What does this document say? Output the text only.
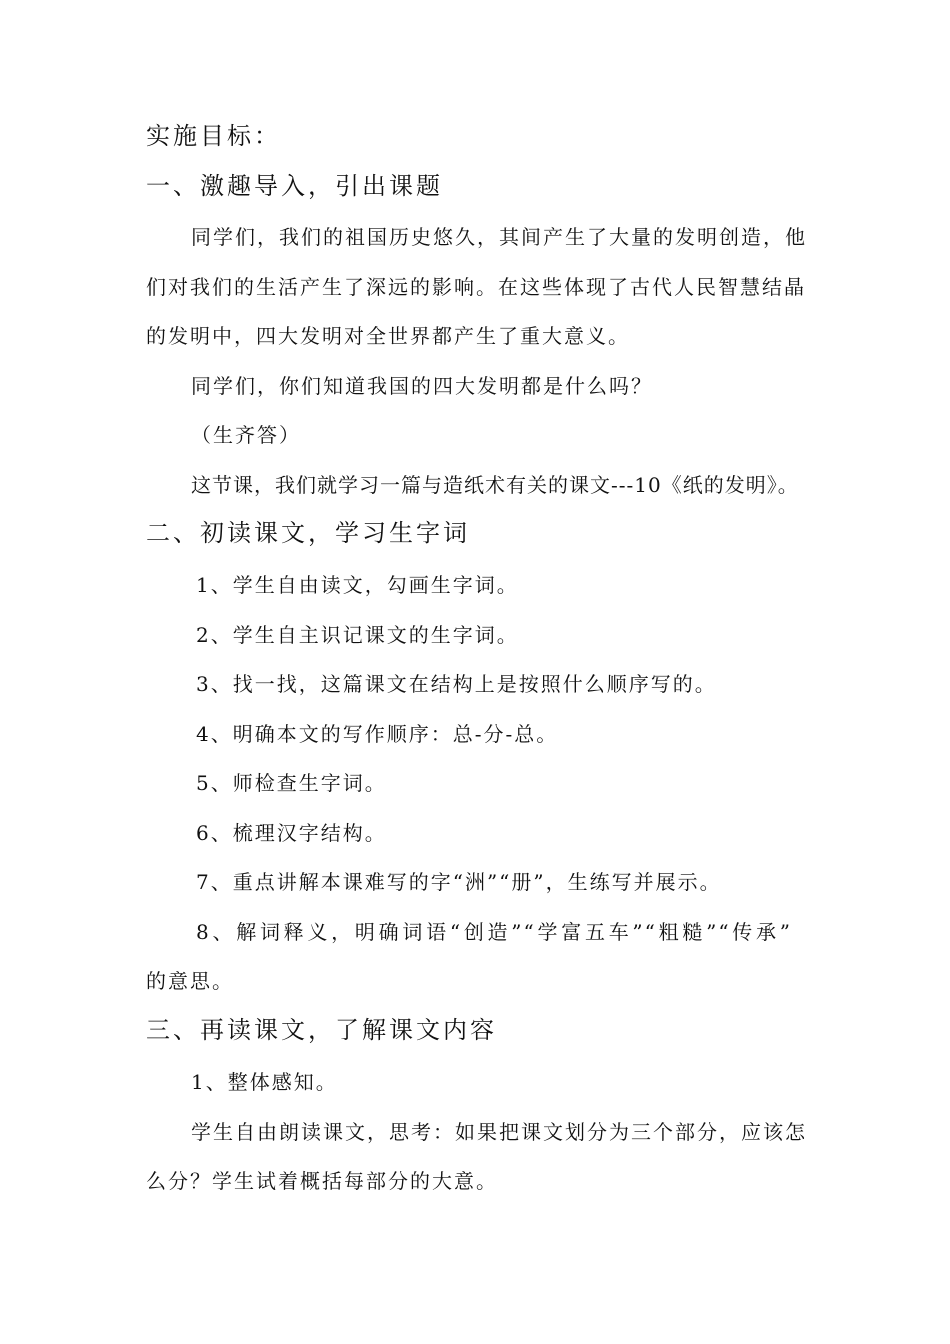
实施目标：
一、激趣导入，引出课题
同学们，我们的祖国历史悠久，其间产生了大量的发明创造，他
们对我们的生活产生了深远的影响。在这些体现了古代人民智慧结晶
的发明中，四大发明对全世界都产生了重大意义。
同学们，你们知道我国的四大发明都是什么吗？
（生齐答）
这节课，我们就学习一篇与造纸术有关的课文---10《纸的发明》。
二、初读课文，学习生字词
1、学生自由读文，勾画生字词。
2、学生自主识记课文的生字词。
3、找一找，这篇课文在结构上是按照什么顺序写的。
4、明确本文的写作顺序：总-分-总。
5、师检查生字词。
6、梳理汉字结构。
7、重点讲解本课难写的字“洲”“册”，生练写并展示。
8、解词释义，明确词语“创造”“学富五车”“粗糙”“传承”
的意思。
三、再读课文，了解课文内容
1、整体感知。
学生自由朗读课文，思考：如果把课文划分为三个部分，应该怎
么分？学生试着概括每部分的大意。
